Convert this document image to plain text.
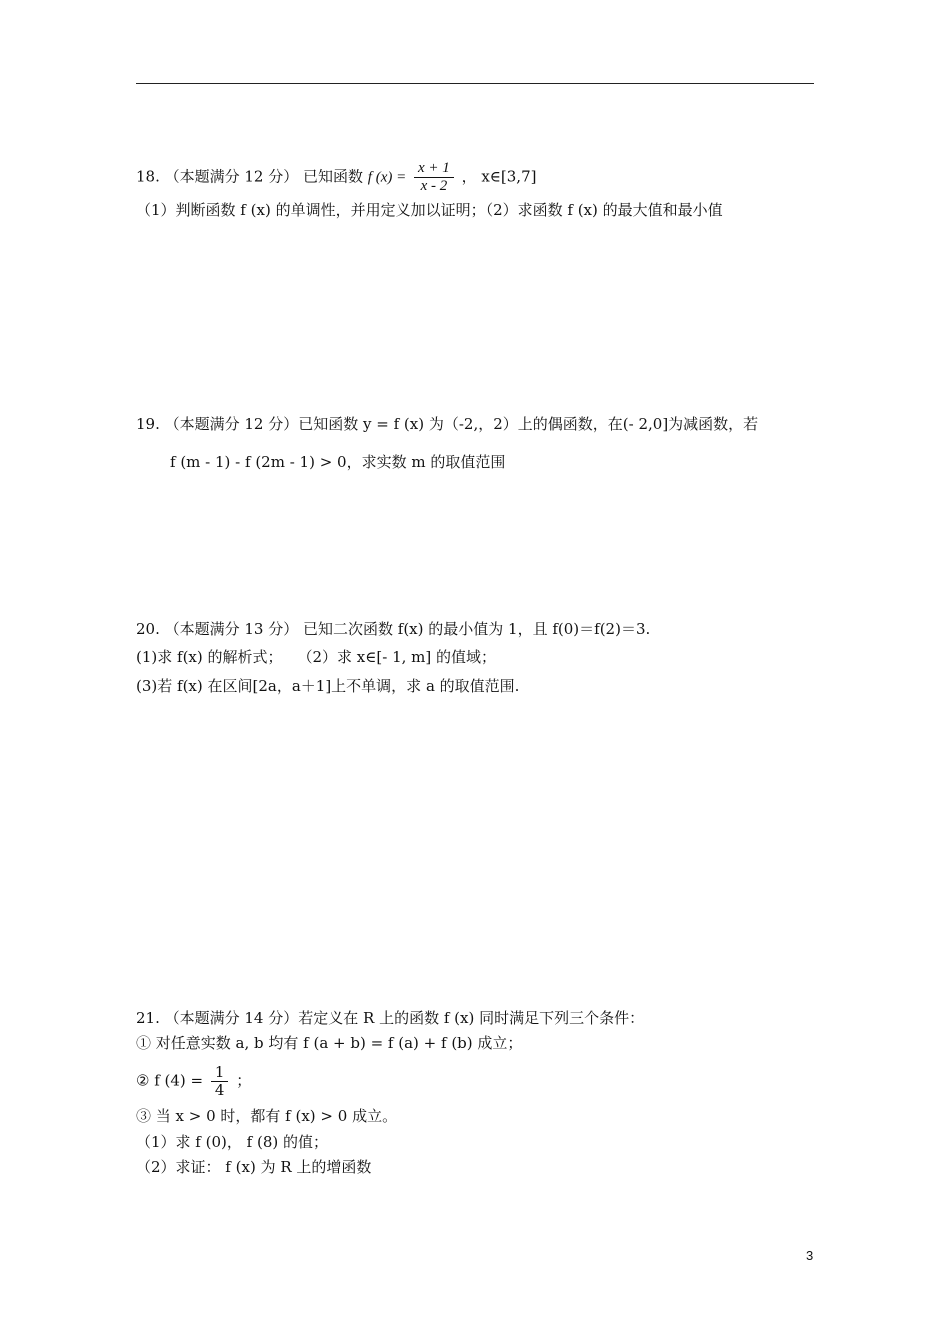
18. （本题满分 12 分） 已知函数 f $(x) = \frac{x + 1}{x - 2}$ ， x∈[3,7]
（1）判断函数 f (x) 的单调性，并用定义加以证明；（2）求函数 f (x) 的最大值和最小值
19. （本题满分 12 分）已知函数 y = f (x) 为（-2,，2）上的偶函数，在(- 2,0]为减函数，若
f (m - 1) - f (2m - 1) > 0，求实数 m 的取值范围
20. （本题满分 13 分） 已知二次函数 f(x) 的最小值为 1，且 f(0)＝f(2)＝3.
(1)求 f(x) 的解析式；　　（2）求 x∈[- 1, m] 的值域；
(3)若 f(x) 在区间[2a，a＋1]上不单调，求 a 的取值范围.
21. （本题满分 14 分）若定义在 R 上的函数 f (x) 同时满足下列三个条件：
① 对任意实数 a, b 均有 f (a + b) = f (a) + f (b) 成立；
② f $(4) = \frac{1}{4}$ ；
③ 当 x > 0 时，都有 f (x) > 0 成立。
（1）求 f (0)， f (8) 的值；
（2）求证： f (x) 为 R 上的增函数
3
